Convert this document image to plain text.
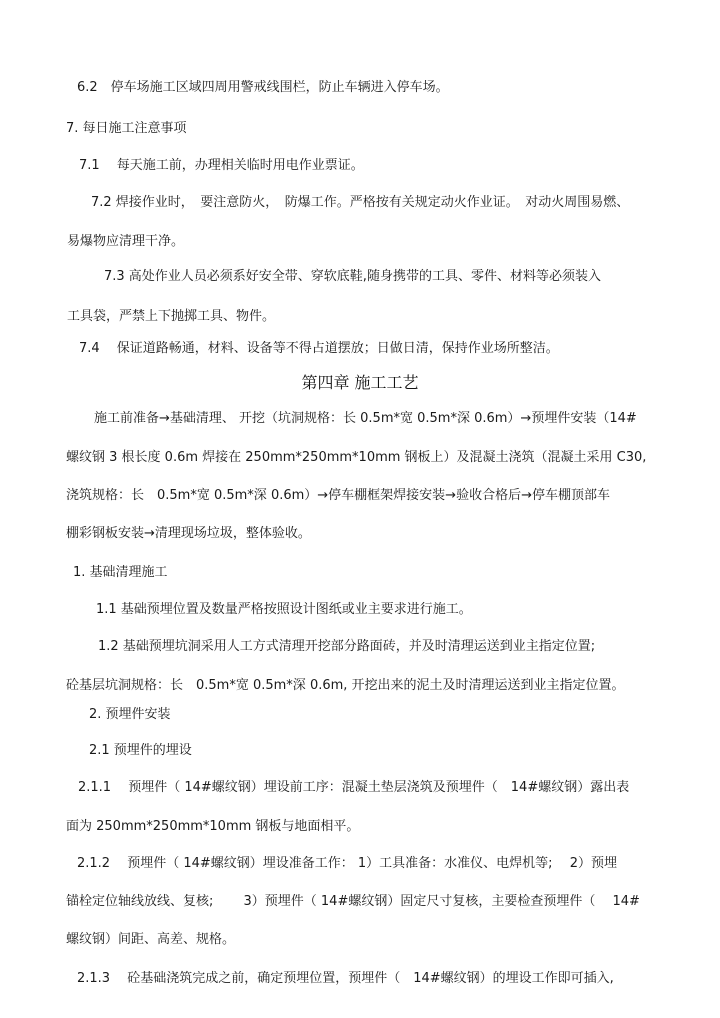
6.2　停车场施工区域四周用警戒线围栏，防止车辆进入停车场。
7. 每日施工注意事项
7.1　 每天施工前，办理相关临时用电作业票证。
7.2 焊接作业时，　要注意防火，　防爆工作。严格按有关规定动火作业证。　对动火周围易燃、
易爆物应清理干净。
7.3 高处作业人员必须系好安全带、穿软底鞋,随身携带的工具、零件、材料等必须装入
工具袋，严禁上下抛掷工具、物件。
7.4　 保证道路畅通，材料、设备等不得占道摆放；日做日清，保持作业场所整洁。
第四章 施工工艺
施工前准备→基础清理、 开挖（坑洞规格：长 0.5m*宽 0.5m*深 0.6m）→预埋件安装（14#
螺纹钢 3 根长度 0.6m 焊接在 250mm*250mm*10mm 钢板上）及混凝土浇筑（混凝土采用 C30,
浇筑规格：长　0.5m*宽 0.5m*深 0.6m）→停车棚框架焊接安装→验收合格后→停车棚顶部车
棚彩钢板安装→清理现场垃圾，整体验收。
1. 基础清理施工
1.1 基础预埋位置及数量严格按照设计图纸或业主要求进行施工。
1.2 基础预埋坑洞采用人工方式清理开挖部分路面砖，并及时清理运送到业主指定位置;
砼基层坑洞规格：长　0.5m*宽 0.5m*深 0.6m, 开挖出来的泥土及时清理运送到业主指定位置。
2. 预埋件安装
2.1 预埋件的埋设
2.1.1　 预埋件（ 14#螺纹钢）埋设前工序：混凝土垫层浇筑及预埋件（　14#螺纹钢）露出表
面为 250mm*250mm*10mm 钢板与地面相平。
2.1.2　 预埋件（ 14#螺纹钢）埋设准备工作： 1）工具准备：水准仪、电焊机等;　 2）预埋
锚栓定位轴线放线、复核;　　 3）预埋件（ 14#螺纹钢）固定尺寸复核，主要检查预埋件（　 14#
螺纹钢）间距、高差、规格。
2.1.3　 砼基础浇筑完成之前，确定预埋位置，预埋件（　14#螺纹钢）的埋设工作即可插入,
